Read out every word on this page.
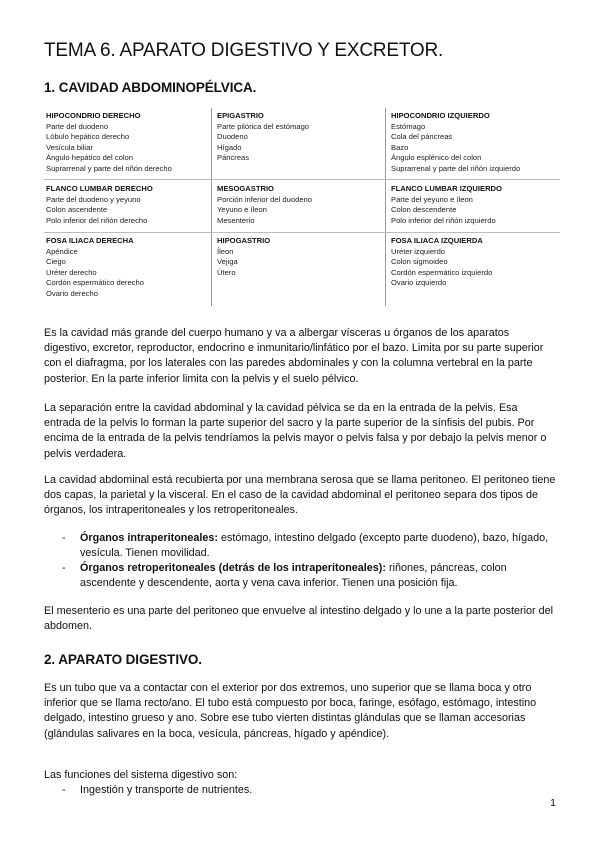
TEMA 6. APARATO DIGESTIVO Y EXCRETOR.
1. CAVIDAD ABDOMINOPÉLVICA.
HIPOCONDRIO DERECHO
Parte del duodeno
Lóbulo hepático derecho
Vesícula biliar
Ángulo hepático del colon
Suprarrenal y parte del riñón derecho
EPIGASTRIO
Parte pilórica del estómago
Duodeno
Hígado
Páncreas
HIPOCONDRIO IZQUIERDO
Estómago
Cola del páncreas
Bazo
Ángulo esplénico del colon
Suprarrenal y parte del riñón izquierdo
FLANCO LUMBAR DERECHO
Parte del duodeno y yeyuno
Colon ascendente
Polo inferior del riñón derecho
MESOGASTRIO
Porción inferior del duodeno
Yeyuno e íleon
Mesenterio
FLANCO LUMBAR IZQUIERDO
Parte del yeyuno e íleon
Colon descendente
Polo inferior del riñón izquierdo
FOSA ILIACA DERECHA
Apéndice
Ciego
Uréter derecho
Cordón espermático derecho
Ovario derecho
HIPOGASTRIO
Íleon
Vejiga
Útero
FOSA ILIACA IZQUIERDA
Uréter izquierdo
Colon sigmoideo
Cordón espermático izquierdo
Ovario izquierdo
Es la cavidad más grande del cuerpo humano y va a albergar vísceras u órganos de los aparatos digestivo, excretor, reproductor, endocrino e inmunitario/linfático por el bazo. Limita por su parte superior con el diafragma, por los laterales con las paredes abdominales y con la columna vertebral en la parte posterior. En la parte inferior limita con la pelvis y el suelo pélvico.
La separación entre la cavidad abdominal y la cavidad pélvica se da en la entrada de la pelvis. Esa entrada de la pelvis lo forman la parte superior del sacro y la parte superior de la sínfisis del pubis. Por encima de la entrada de la pelvis tendríamos la pelvis mayor o pelvis falsa y por debajo la pelvis menor o pelvis verdadera.
La cavidad abdominal está recubierta por una membrana serosa que se llama peritoneo. El peritoneo tiene dos capas, la parietal y la visceral. En el caso de la cavidad abdominal el peritoneo separa dos tipos de órganos, los intraperitoneales y los retroperitoneales.
- Órganos intraperitoneales: estómago, intestino delgado (excepto parte duodeno), bazo, hígado, vesícula. Tienen movilidad.
- Órganos retroperitoneales (detrás de los intraperitoneales): riñones, páncreas, colon ascendente y descendente, aorta y vena cava inferior. Tienen una posición fija.
El mesenterio es una parte del peritoneo que envuelve al intestino delgado y lo une a la parte posterior del abdomen.
2. APARATO DIGESTIVO.
Es un tubo que va a contactar con el exterior por dos extremos, uno superior que se llama boca y otro inferior que se llama recto/ano. El tubo está compuesto por boca, faringe, esófago, estómago, intestino delgado, intestino grueso y ano. Sobre ese tubo vierten distintas glándulas que se llaman accesorias (glándulas salivares en la boca, vesícula, páncreas, hígado y apéndice).
Las funciones del sistema digestivo son:
- Ingestión y transporte de nutrientes.
1
